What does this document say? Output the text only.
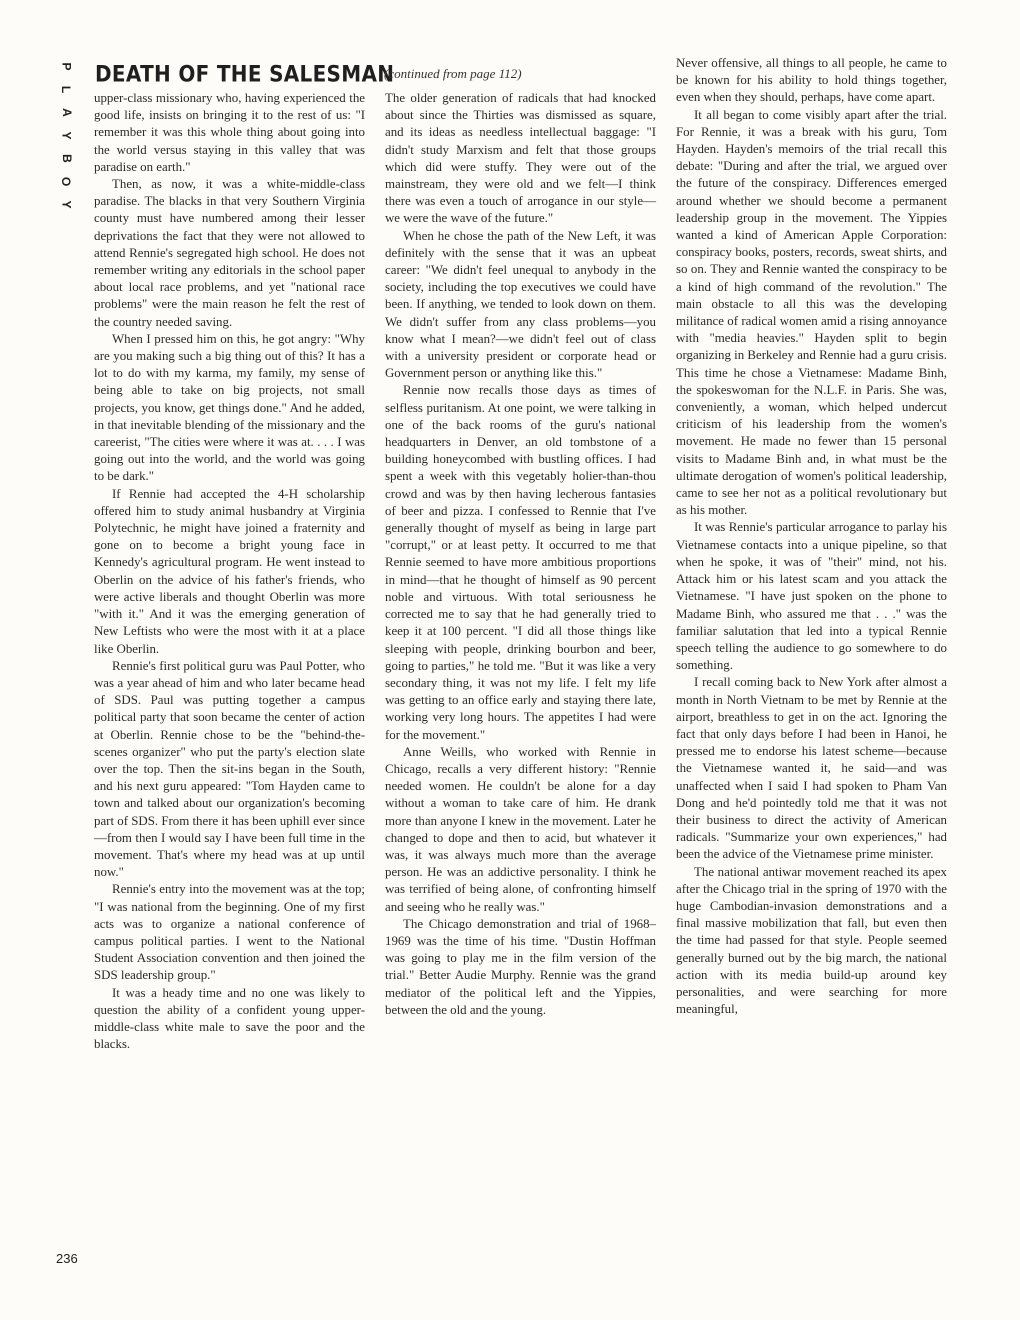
P
L
A
Y
B
O
Y
DEATH OF THE SALESMAN

upper-class missionary who, having experienced the good life, insists on bringing it to the rest of us: "I remember it was this whole thing about going into the world versus staying in this valley that was paradise on earth."

Then, as now, it was a white-middle-class paradise. The blacks in that very Southern Virginia county must have numbered among their lesser deprivations the fact that they were not allowed to attend Rennie's segregated high school. He does not remember writing any editorials in the school paper about local race problems, and yet "national race problems" were the main reason he felt the rest of the country needed saving.

When I pressed him on this, he got angry: "Why are you making such a big thing out of this? It has a lot to do with my karma, my family, my sense of being able to take on big projects, not small projects, you know, get things done." And he added, in that inevitable blending of the missionary and the careerist, "The cities were where it was at. . . . I was going out into the world, and the world was going to be dark."

If Rennie had accepted the 4-H scholarship offered him to study animal husbandry at Virginia Polytechnic, he might have joined a fraternity and gone on to become a bright young face in Kennedy's agricultural program. He went instead to Oberlin on the advice of his father's friends, who were active liberals and thought Oberlin was more "with it." And it was the emerging generation of New Leftists who were the most with it at a place like Oberlin.

Rennie's first political guru was Paul Potter, who was a year ahead of him and who later became head of SDS. Paul was putting together a campus political party that soon became the center of action at Oberlin. Rennie chose to be the "behind-the-scenes organizer" who put the party's election slate over the top. Then the sit-ins began in the South, and his next guru appeared: "Tom Hayden came to town and talked about our organization's becoming part of SDS. From there it has been uphill ever since—from then I would say I have been full time in the movement. That's where my head was at up until now."

Rennie's entry into the movement was at the top; "I was national from the beginning. One of my first acts was to organize a national conference of campus political parties. I went to the National Student Association convention and then joined the SDS leadership group."

It was a heady time and no one was likely to question the ability of a confident young upper-middle-class white male to save the poor and the blacks.

(continued from page 112)

The older generation of radicals that had knocked about since the Thirties was dismissed as square, and its ideas as needless intellectual baggage: "I didn't study Marxism and felt that those groups which did were stuffy. They were out of the mainstream, they were old and we felt—I think there was even a touch of arrogance in our style—we were the wave of the future."

When he chose the path of the New Left, it was definitely with the sense that it was an upbeat career: "We didn't feel unequal to anybody in the society, including the top executives we could have been. If anything, we tended to look down on them. We didn't suffer from any class problems—you know what I mean?—we didn't feel out of class with a university president or corporate head or Government person or anything like this."

Rennie now recalls those days as times of selfless puritanism. At one point, we were talking in one of the back rooms of the guru's national headquarters in Denver, an old tombstone of a building honeycombed with bustling offices. I had spent a week with this vegetably holier-than-thou crowd and was by then having lecherous fantasies of beer and pizza. I confessed to Rennie that I've generally thought of myself as being in large part "corrupt," or at least petty. It occurred to me that Rennie seemed to have more ambitious proportions in mind—that he thought of himself as 90 percent noble and virtuous. With total seriousness he corrected me to say that he had generally tried to keep it at 100 percent. "I did all those things like sleeping with people, drinking bourbon and beer, going to parties," he told me. "But it was like a very secondary thing, it was not my life. I felt my life was getting to an office early and staying there late, working very long hours. The appetites I had were for the movement."

Anne Weills, who worked with Rennie in Chicago, recalls a very different history: "Rennie needed women. He couldn't be alone for a day without a woman to take care of him. He drank more than anyone I knew in the movement. Later he changed to dope and then to acid, but whatever it was, it was always much more than the average person. He was an addictive personality. I think he was terrified of being alone, of confronting himself and seeing who he really was."

The Chicago demonstration and trial of 1968–1969 was the time of his time. "Dustin Hoffman was going to play me in the film version of the trial." Better Audie Murphy. Rennie was the grand mediator of the political left and the Yippies, between the old and the young.

Never offensive, all things to all people, he came to be known for his ability to hold things together, even when they should, perhaps, have come apart.

It all began to come visibly apart after the trial. For Rennie, it was a break with his guru, Tom Hayden. Hayden's memoirs of the trial recall this debate: "During and after the trial, we argued over the future of the conspiracy. Differences emerged around whether we should become a permanent leadership group in the movement. The Yippies wanted a kind of American Apple Corporation: conspiracy books, posters, records, sweat shirts, and so on. They and Rennie wanted the conspiracy to be a kind of high command of the revolution." The main obstacle to all this was the developing militance of radical women amid a rising annoyance with "media heavies." Hayden split to begin organizing in Berkeley and Rennie had a guru crisis. This time he chose a Vietnamese: Madame Binh, the spokeswoman for the N.L.F. in Paris. She was, conveniently, a woman, which helped undercut criticism of his leadership from the women's movement. He made no fewer than 15 personal visits to Madame Binh and, in what must be the ultimate derogation of women's political leadership, came to see her not as a political revolutionary but as his mother.

It was Rennie's particular arrogance to parlay his Vietnamese contacts into a unique pipeline, so that when he spoke, it was of "their" mind, not his. Attack him or his latest scam and you attack the Vietnamese. "I have just spoken on the phone to Madame Binh, who assured me that . . ." was the familiar salutation that led into a typical Rennie speech telling the audience to go somewhere to do something.

I recall coming back to New York after almost a month in North Vietnam to be met by Rennie at the airport, breathless to get in on the act. Ignoring the fact that only days before I had been in Hanoi, he pressed me to endorse his latest scheme—because the Vietnamese wanted it, he said—and was unaffected when I said I had spoken to Pham Van Dong and he'd pointedly told me that it was not their business to direct the activity of American radicals. "Summarize your own experiences," had been the advice of the Vietnamese prime minister.

The national antiwar movement reached its apex after the Chicago trial in the spring of 1970 with the huge Cambodian-invasion demonstrations and a final massive mobilization that fall, but even then the time had passed for that style. People seemed generally burned out by the big march, the national action with its media build-up around key personalities, and were searching for more meaningful,

236
